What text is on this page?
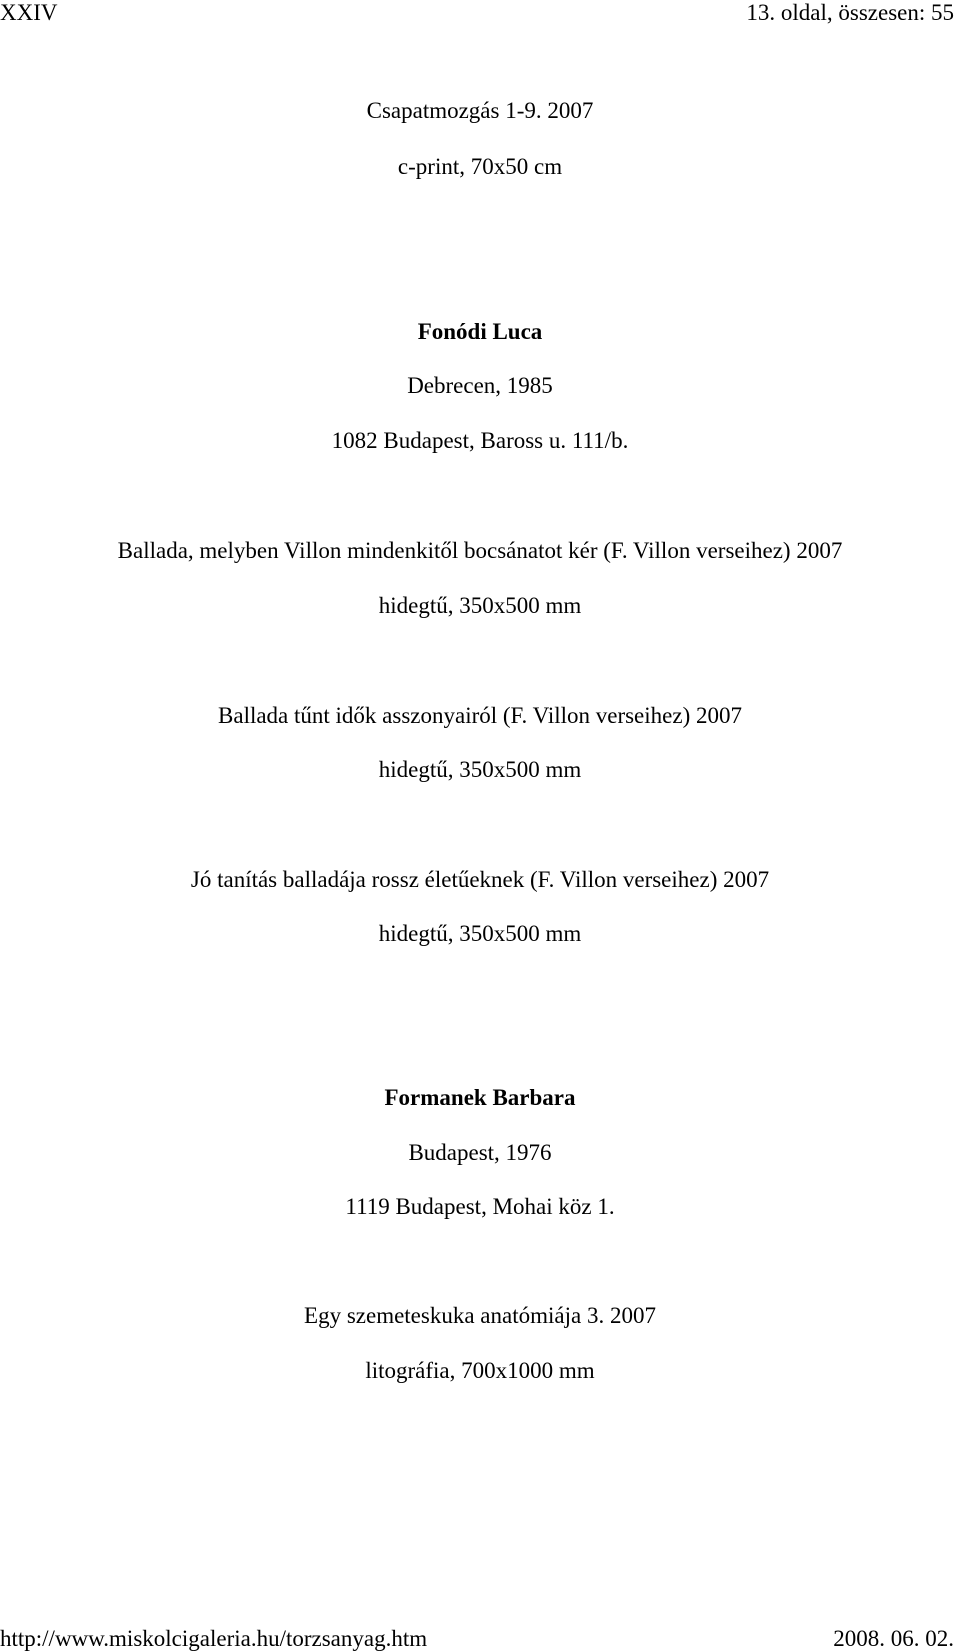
XXIV	13. oldal, összesen: 55
Csapatmozgás 1-9. 2007
c-print, 70x50 cm
Fonódi Luca
Debrecen, 1985
1082 Budapest, Baross u. 111/b.
Ballada, melyben Villon mindenkitől bocsánatot kér (F. Villon verseihez) 2007
hidegtű, 350x500 mm
Ballada tűnt idők asszonyairól (F. Villon verseihez) 2007
hidegtű, 350x500 mm
Jó tanítás balladája rossz életűeknek (F. Villon verseihez) 2007
hidegtű, 350x500 mm
Formanek Barbara
Budapest, 1976
1119 Budapest, Mohai köz 1.
Egy szemeteskuka anatómiája 3. 2007
litográfia, 700x1000 mm
http://www.miskolcigaleria.hu/torzsanyag.htm	2008. 06. 02.
